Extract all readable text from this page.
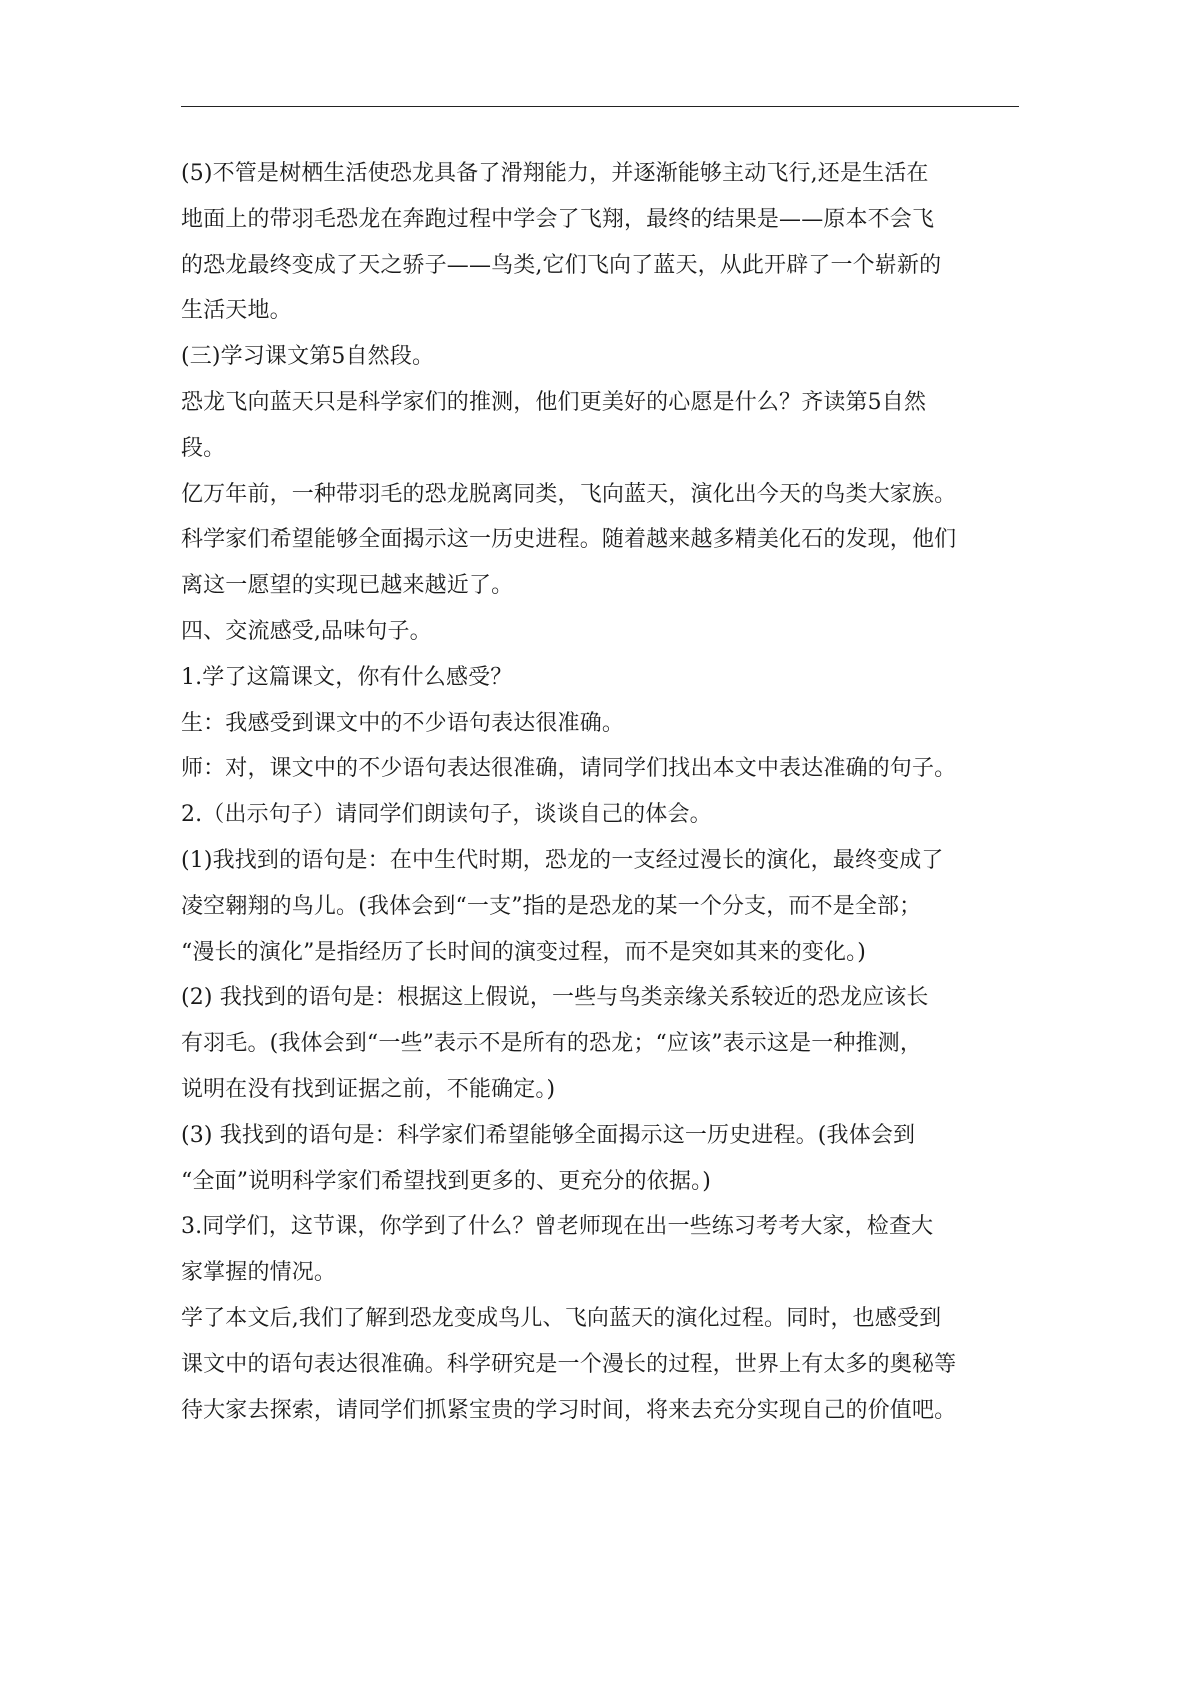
(5)不管是树栖生活使恐龙具备了滑翔能力，并逐渐能够主动飞行,还是生活在
地面上的带羽毛恐龙在奔跑过程中学会了飞翔，最终的结果是——原本不会飞
的恐龙最终变成了天之骄子——鸟类,它们飞向了蓝天，从此开辟了一个崭新的
生活天地。
(三)学习课文第5自然段。
恐龙飞向蓝天只是科学家们的推测，他们更美好的心愿是什么？齐读第5自然
段。
亿万年前，一种带羽毛的恐龙脱离同类，飞向蓝天，演化出今天的鸟类大家族。
科学家们希望能够全面揭示这一历史进程。随着越来越多精美化石的发现，他们
离这一愿望的实现已越来越近了。
四、交流感受,品味句子。
1.学了这篇课文，你有什么感受？
生：我感受到课文中的不少语句表达很准确。
师：对，课文中的不少语句表达很准确，请同学们找出本文中表达准确的句子。
2.（出示句子）请同学们朗读句子，谈谈自己的体会。
(1)我找到的语句是：在中生代时期，恐龙的一支经过漫长的演化，最终变成了
凌空翱翔的鸟儿。(我体会到“一支”指的是恐龙的某一个分支，而不是全部；
“漫长的演化”是指经历了长时间的演变过程，而不是突如其来的变化。)
(2) 我找到的语句是：根据这上假说，一些与鸟类亲缘关系较近的恐龙应该长
有羽毛。(我体会到“一些”表示不是所有的恐龙；“应该”表示这是一种推测，
说明在没有找到证据之前，不能确定。)
(3) 我找到的语句是：科学家们希望能够全面揭示这一历史进程。(我体会到
“全面”说明科学家们希望找到更多的、更充分的依据。)
3.同学们，这节课，你学到了什么？曾老师现在出一些练习考考大家，检查大
家掌握的情况。
学了本文后,我们了解到恐龙变成鸟儿、飞向蓝天的演化过程。同时，也感受到
课文中的语句表达很准确。科学研究是一个漫长的过程，世界上有太多的奥秘等
待大家去探索，请同学们抓紧宝贵的学习时间，将来去充分实现自己的价值吧。
